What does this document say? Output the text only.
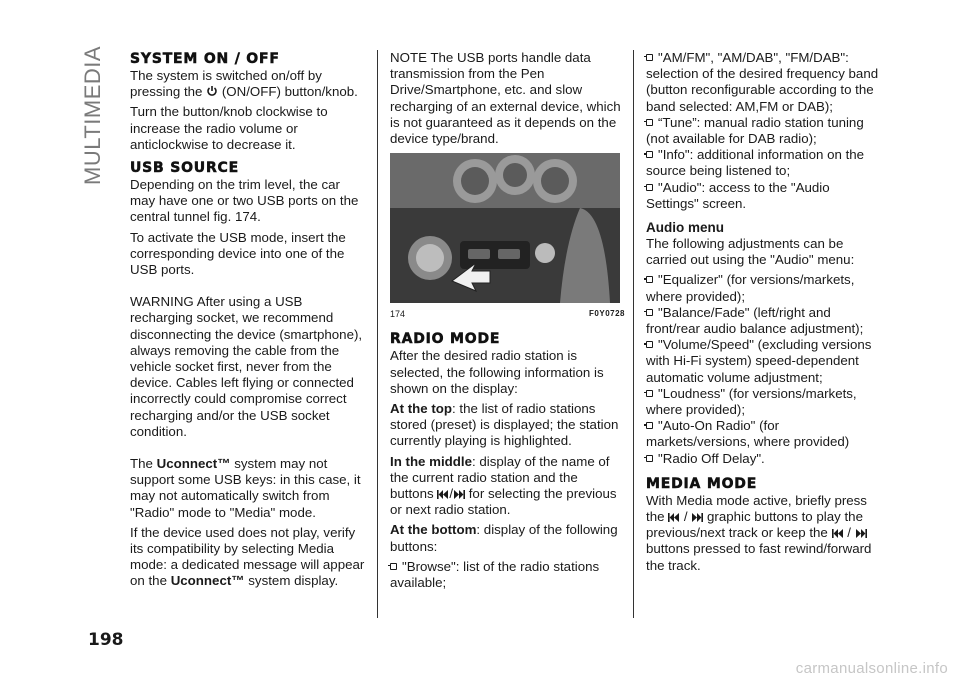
MULTIMEDIA
198
SYSTEM ON / OFF

The system is switched on/off by
pressing the (ON/OFF) button/knob.

Turn the button/knob clockwise to increase the radio volume or anticlockwise to decrease it.

USB SOURCE

Depending on the trim level, the car may have one or two USB ports on the central tunnel fig. 174.

To activate the USB mode, insert the corresponding device into one of the USB ports.

WARNING After using a USB recharging socket, we recommend disconnecting the device (smartphone), always removing the cable from the vehicle socket first, never from the device. Cables left flying or connected incorrectly could compromise correct recharging and/or the USB socket condition.

The Uconnect™ system may not support some USB keys: in this case, it may not automatically switch from "Radio" mode to "Media" mode.

If the device used does not play, verify its compatibility by selecting Media mode: a dedicated message will appear on the Uconnect™ system display.

NOTE The USB ports handle data transmission from the Pen Drive/Smartphone, etc. and slow recharging of an external device, which is not guaranteed as it depends on the device type/brand.

174	F0Y0728
RADIO MODE

After the desired radio station is selected, the following information is shown on the display:

At the top: the list of radio stations stored (preset) is displayed; the station currently playing is highlighted.

In the middle: display of the name of the current radio station and the buttons / for selecting the previous or next radio station.

At the bottom: display of the following buttons:

"Browse": list of the radio stations available;

"AM/FM", "AM/DAB", "FM/DAB": selection of the desired frequency band (button reconfigurable according to the band selected: AM,FM or DAB);

“Tune”: manual radio station tuning (not available for DAB radio);

"Info": additional information on the source being listened to;

"Audio": access to the "Audio Settings" screen.

Audio menu

The following adjustments can be carried out using the "Audio" menu:

"Equalizer" (for versions/markets, where provided);

"Balance/Fade" (left/right and front/rear audio balance adjustment);

"Volume/Speed" (excluding versions with Hi-Fi system) speed-dependent automatic volume adjustment;

"Loudness" (for versions/markets, where provided);

"Auto-On Radio" (for markets/versions, where provided)

"Radio Off Delay".

MEDIA MODE

With Media mode active, briefly press the  /  graphic buttons to play the previous/next track or keep the  /  buttons pressed to fast rewind/forward the track.

carmanualsonline.info
